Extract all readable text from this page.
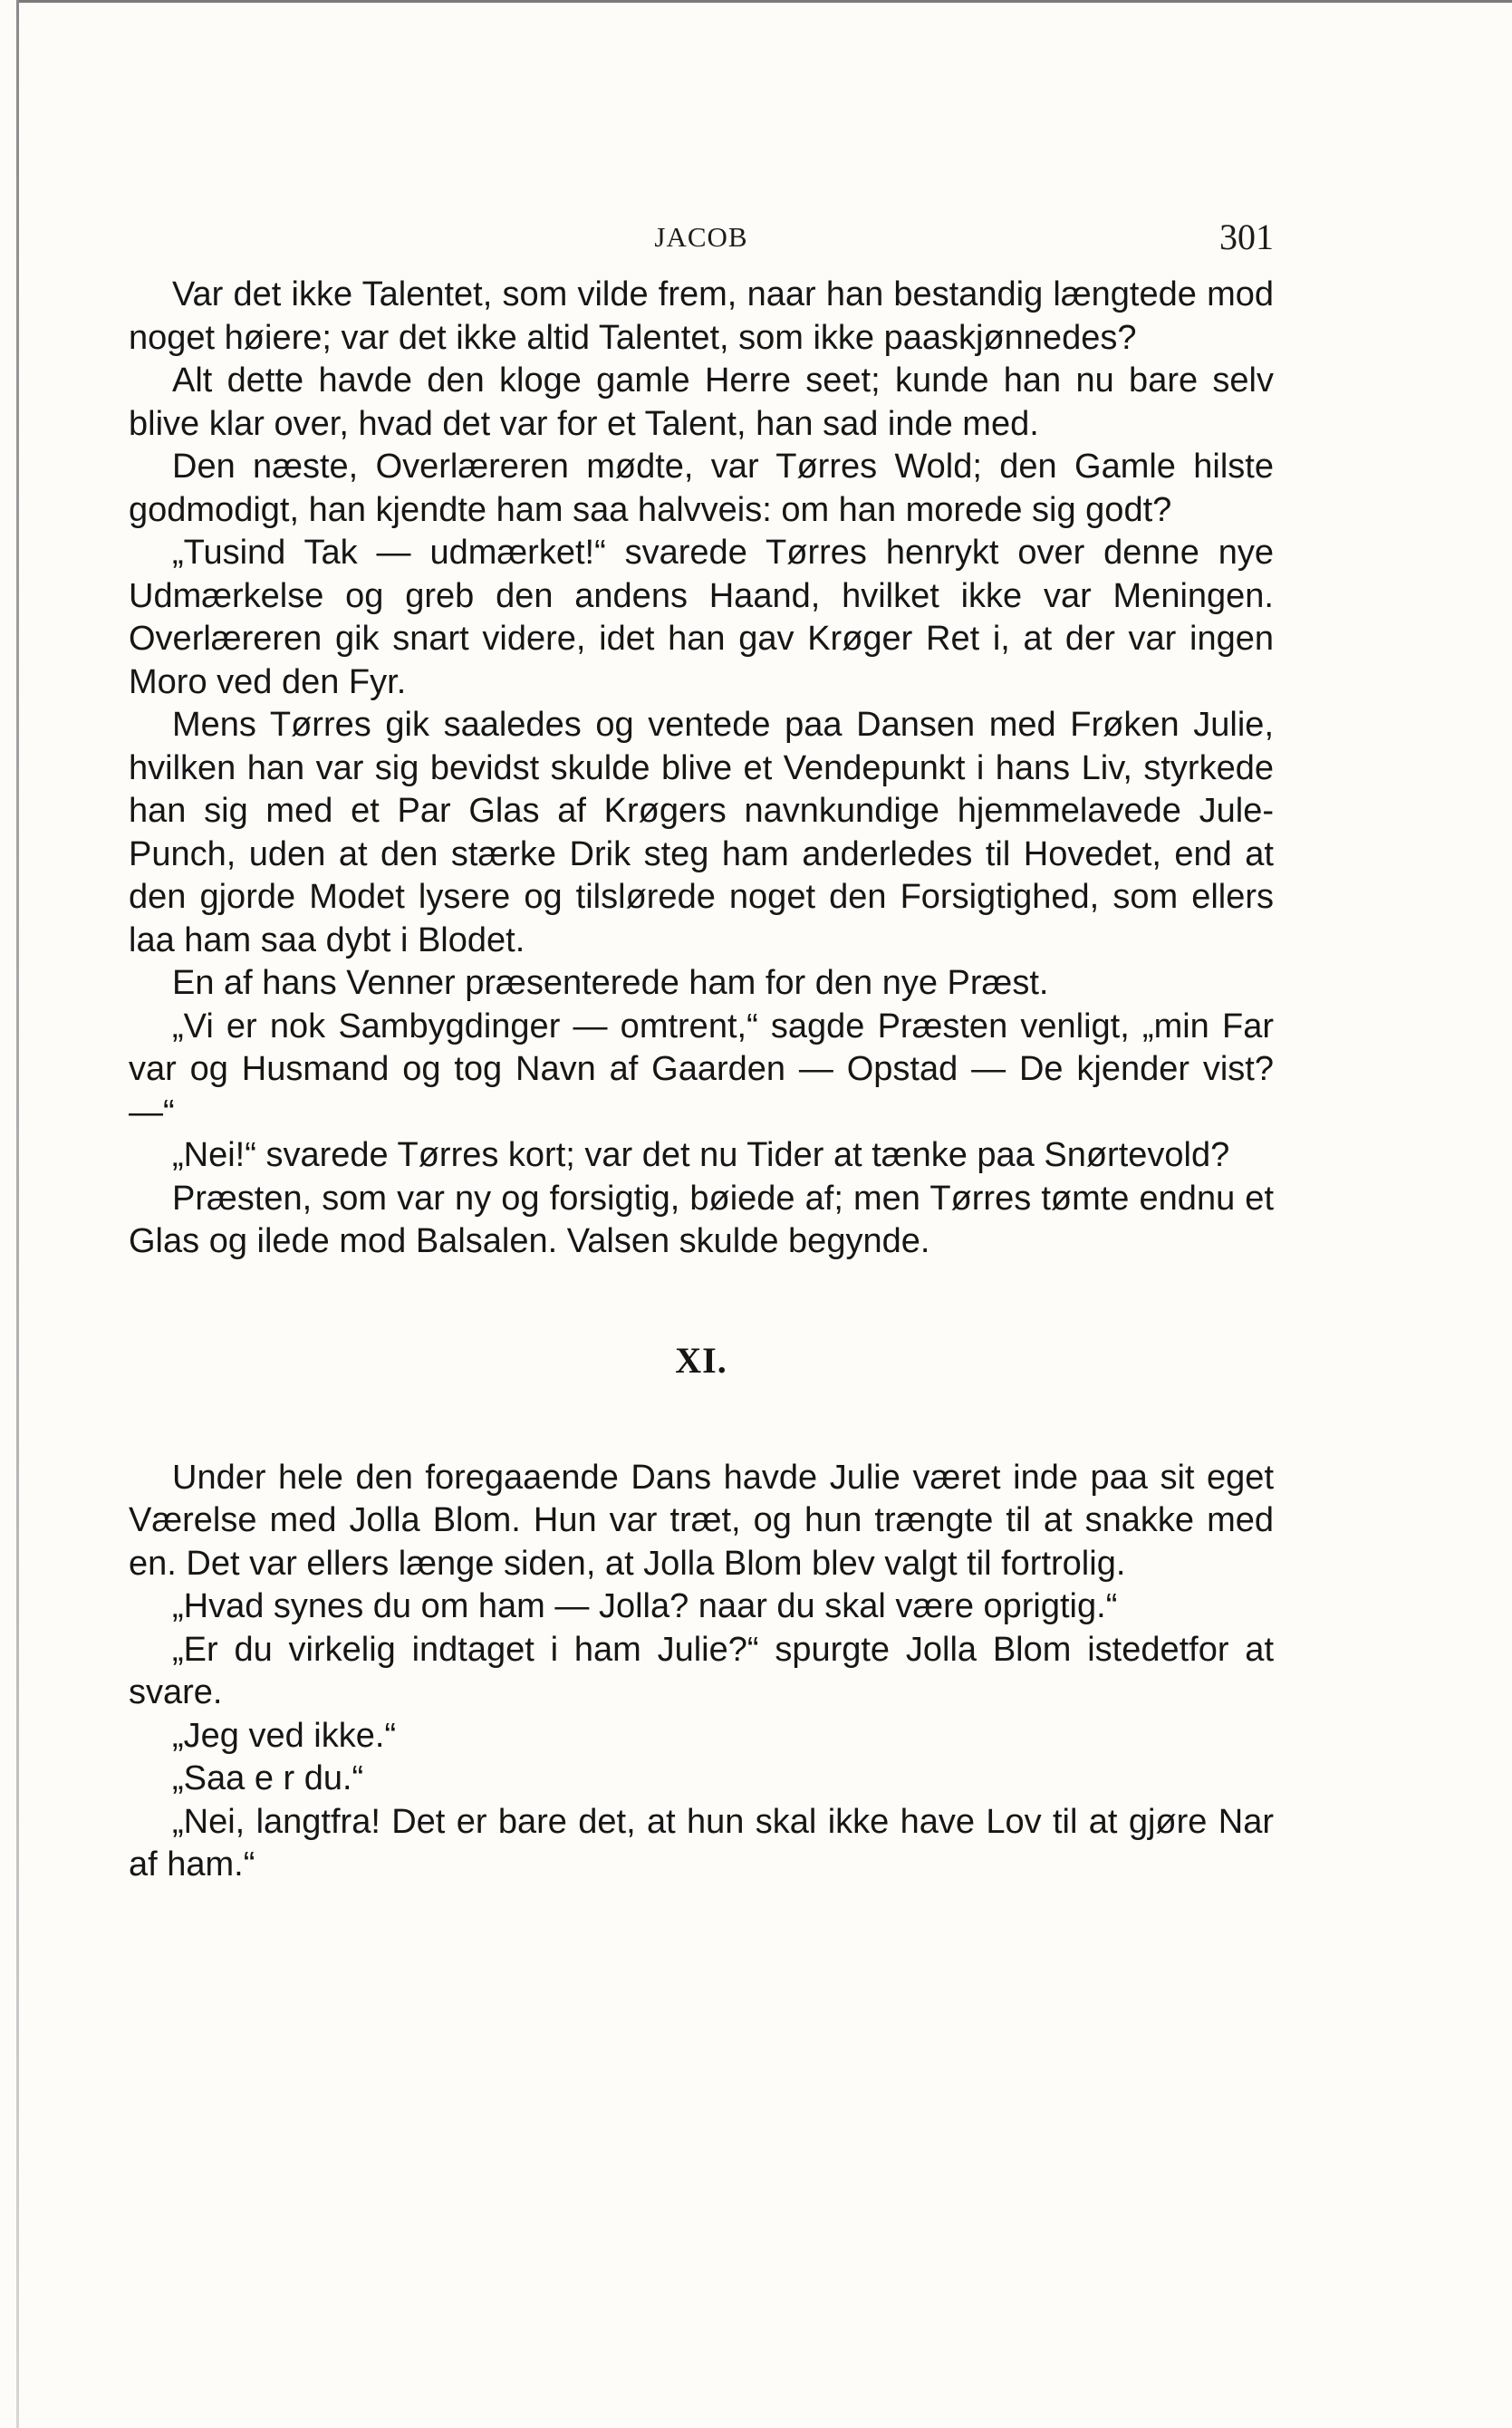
JACOB	301

Var det ikke Talentet, som vilde frem, naar han bestandig længtede mod noget høiere; var det ikke altid Talentet, som ikke paaskjønnedes?

Alt dette havde den kloge gamle Herre seet; kunde han nu bare selv blive klar over, hvad det var for et Talent, han sad inde med.

Den næste, Overlæreren mødte, var Tørres Wold; den Gamle hilste godmodigt, han kjendte ham saa halvveis: om han morede sig godt?

„Tusind Tak — udmærket!“ svarede Tørres henrykt over denne nye Udmærkelse og greb den andens Haand, hvilket ikke var Meningen. Overlæreren gik snart videre, idet han gav Krøger Ret i, at der var ingen Moro ved den Fyr.

Mens Tørres gik saaledes og ventede paa Dansen med Frøken Julie, hvilken han var sig bevidst skulde blive et Vendepunkt i hans Liv, styrkede han sig med et Par Glas af Krøgers navnkundige hjemmelavede Jule-Punch, uden at den stærke Drik steg ham anderledes til Hovedet, end at den gjorde Modet lysere og tilslørede noget den Forsigtighed, som ellers laa ham saa dybt i Blodet.

En af hans Venner præsenterede ham for den nye Præst.

„Vi er nok Sambygdinger — omtrent,“ sagde Præsten venligt, „min Far var og Husmand og tog Navn af Gaarden — Opstad — De kjender vist? —“

„Nei!“ svarede Tørres kort; var det nu Tider at tænke paa Snørtevold?

Præsten, som var ny og forsigtig, bøiede af; men Tørres tømte endnu et Glas og ilede mod Balsalen. Valsen skulde begynde.

XI.

Under hele den foregaaende Dans havde Julie været inde paa sit eget Værelse med Jolla Blom. Hun var træt, og hun trængte til at snakke med en. Det var ellers længe siden, at Jolla Blom blev valgt til fortrolig.

„Hvad synes du om ham — Jolla? naar du skal være oprigtig.“

„Er du virkelig indtaget i ham Julie?“ spurgte Jolla Blom istedetfor at svare.

„Jeg ved ikke.“

„Saa e r du.“

„Nei, langtfra! Det er bare det, at hun skal ikke have Lov til at gjøre Nar af ham.“
